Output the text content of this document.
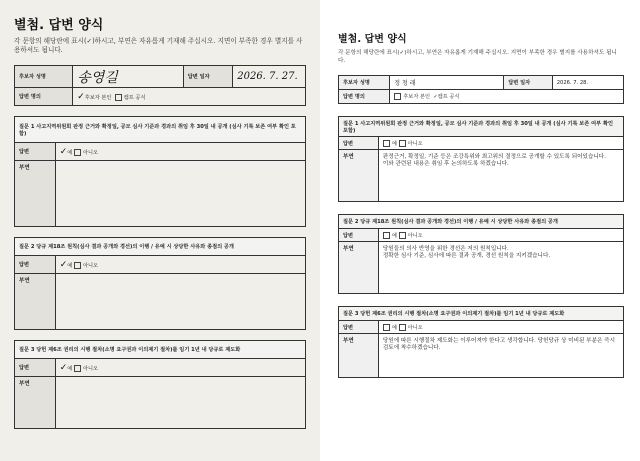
별첨. 답변 양식
각 문항의 해당란에 표시(✓)하시고, 부연은 자유롭게 기재해 주십시오. 지면이 부족한 경우 별지를 사용하셔도 됩니다.
후보자 성명	송영길	답변 일자	2026. 7. 27.
답변 명의	✓후보자 본인 캠프 공식		
질문 1 사고지역위원회 판정 근거와 확정일, 공모 심사 기준과 경과의 취임 후 30일 내 공개 (심사 기록 보존 여부 확인 포함)	
답변	✓예 아니오
부연	
질문 2 당규 제18조 원칙(심사 결과 공개와 경선)의 이행 / 유예 시 상당한 사유와 종점의 공개	
답변	✓예 아니오
부연	
질문 3 당헌 제6조 권리의 시행 절차(소명 요구권과 이의제기 절차)를 임기 1년 내 당규로 제도화	
답변	✓예 아니오
부연	
별첨. 답변 양식
각 문항의 해당란에 표시(✓)하시고, 부연은 자유롭게 기재해 주십시오. 지면이 부족한 경우 별지를 사용하셔도 됩니다.
후보자 성명	정 청 래	답변 일자	2026. 7. 28.
답변 명의	후보자 본인 ✓캠프 공식		
질문 1 사고지역위원회 판정 근거와 확정일, 공모 심사 기준과 경과의 취임 후 30일 내 공개 (심사 기록 보존 여부 확인 포함)	
답변	예 아니오
부연	판정근거, 확정일, 기준 등은 조강특위와 최고위의 결정으로 공개할 수 있도록 되어있습니다.
이와 관련된 내용은 취임 후 논의하도록 하겠습니다.
질문 2 당규 제18조 원칙(심사 결과 공개와 경선)의 이행 / 유예 시 상당한 사유와 종점의 공개	
답변	예 아니오
부연	당원들의 의사 반영을 위한 경선은 저의 원칙입니다.
정확한 심사 기준, 심사에 따른 결과 공개, 경선 원칙을 지키겠습니다.
질문 3 당헌 제6조 권리의 시행 절차(소명 요구권과 이의제기 절차)를 임기 1년 내 당규로 제도화	
답변	예 아니오
부연	당원에 따른 시행절차 제도화는 이루어져야 한다고 생각합니다. 당헌당규 상 미비된 부분은 즉시 검토에 착수하겠습니다.
